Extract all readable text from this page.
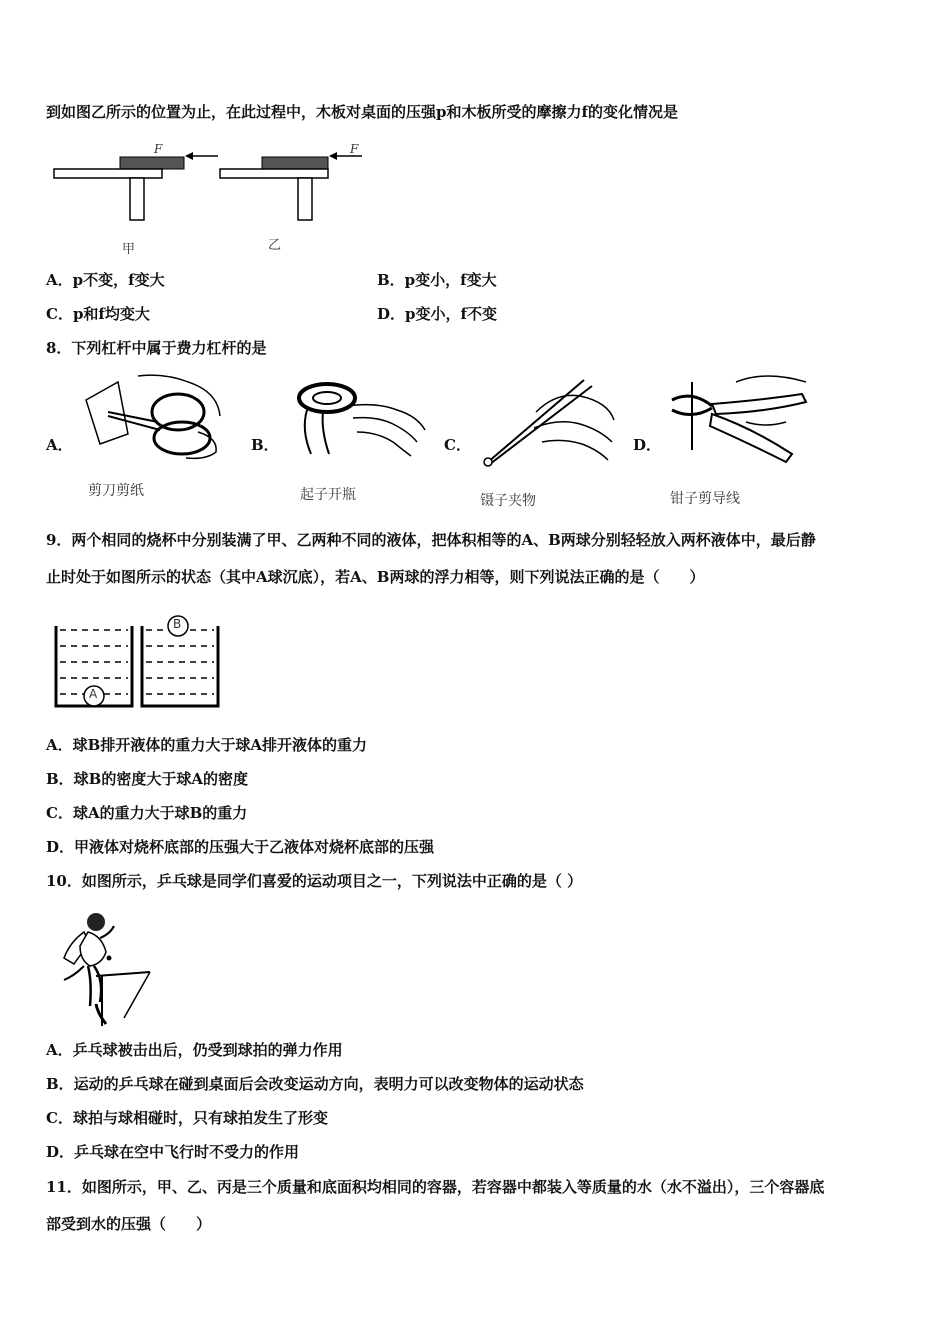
到如图乙所示的位置为止，在此过程中，木板对桌面的压强p和木板所受的摩擦力f的变化情况是
F	F
甲	乙
A．p不变，f变大	B．p变小，f变大
C．p和f均变大	D．p变小，f不变
8．下列杠杆中属于费力杠杆的是
A．	B．	C．	D．
剪刀剪纸	起子开瓶	镊子夹物	钳子剪导线
9．两个相同的烧杯中分别装满了甲、乙两种不同的液体，把体积相等的A、B两球分别轻轻放入两杯液体中，最后静
止时处于如图所示的状态（其中A球沉底），若A、B两球的浮力相等，则下列说法正确的是（　　）
A
B
A．球B排开液体的重力大于球A排开液体的重力
B．球B的密度大于球A的密度
C．球A的重力大于球B的重力
D．甲液体对烧杯底部的压强大于乙液体对烧杯底部的压强
10．如图所示，乒乓球是同学们喜爱的运动项目之一，下列说法中正确的是（ ）
A．乒乓球被击出后，仍受到球拍的弹力作用
B．运动的乒乓球在碰到桌面后会改变运动方向，表明力可以改变物体的运动状态
C．球拍与球相碰时，只有球拍发生了形变
D．乒乓球在空中飞行时不受力的作用
11．如图所示，甲、乙、丙是三个质量和底面积均相同的容器，若容器中都装入等质量的水（水不溢出），三个容器底
部受到水的压强（　　）
